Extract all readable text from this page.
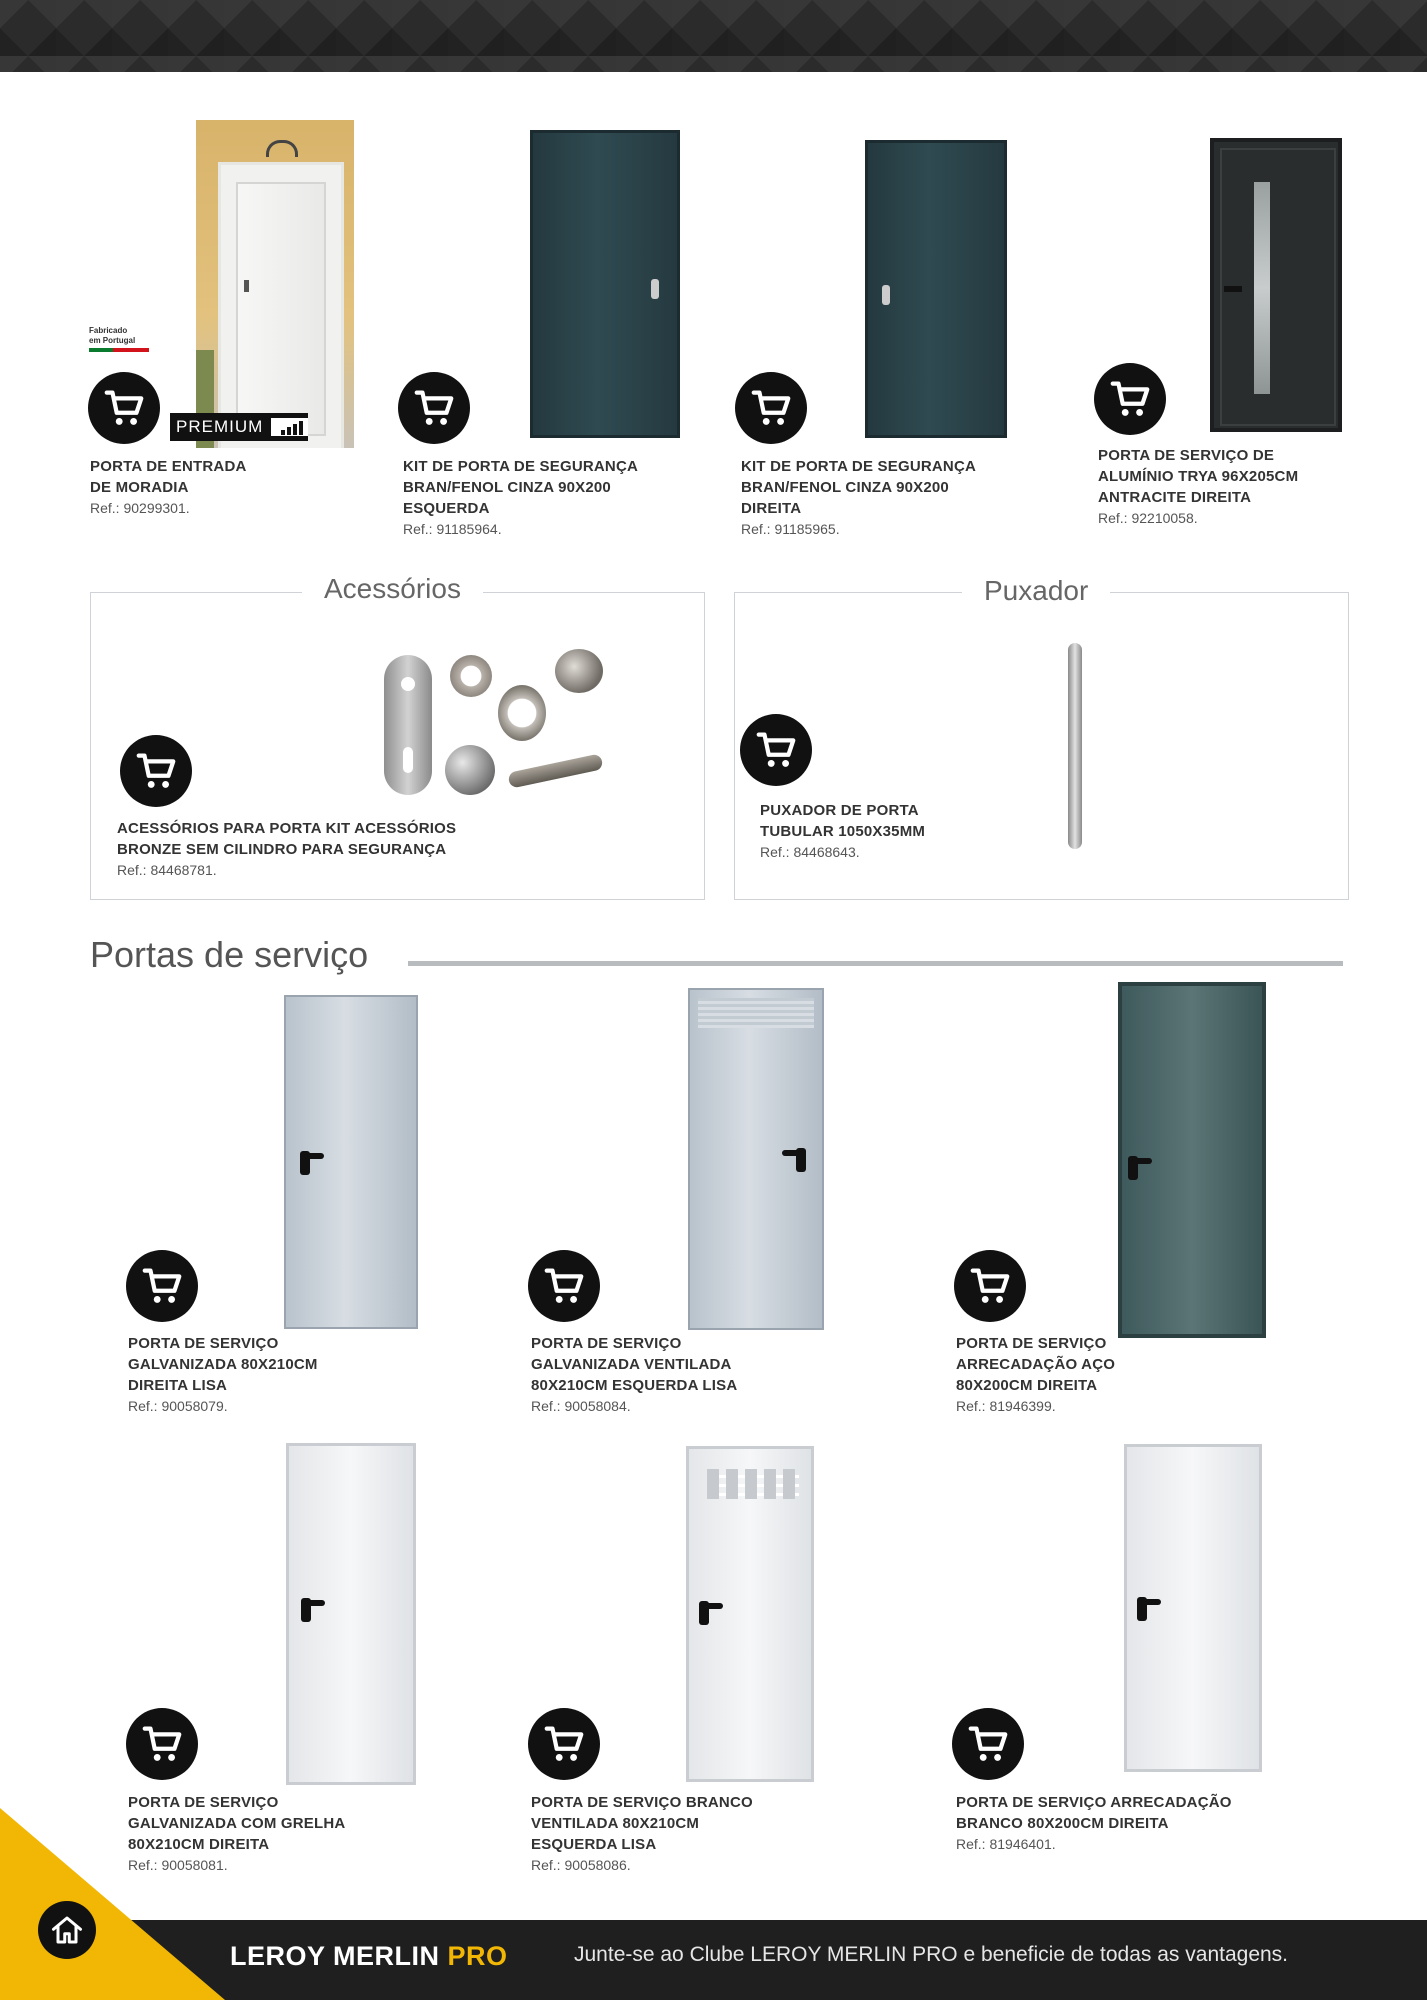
Fabricado
em Portugal
PREMIUM
PORTA DE ENTRADA
DE MORADIA
Ref.: 90299301.
KIT DE PORTA DE SEGURANÇA
BRAN/FENOL CINZA 90X200
ESQUERDA
Ref.: 91185964.
KIT DE PORTA DE SEGURANÇA
BRAN/FENOL CINZA 90X200
DIREITA
Ref.: 91185965.
PORTA DE SERVIÇO DE
ALUMÍNIO TRYA 96X205CM
ANTRACITE DIREITA
Ref.: 92210058.
Acessórios
ACESSÓRIOS PARA PORTA KIT ACESSÓRIOS
BRONZE SEM CILINDRO PARA SEGURANÇA
Ref.: 84468781.
Puxador
PUXADOR DE PORTA
TUBULAR 1050X35MM
Ref.: 84468643.
Portas de serviço
PORTA DE SERVIÇO
GALVANIZADA 80X210CM
DIREITA LISA
Ref.: 90058079.
PORTA DE SERVIÇO
GALVANIZADA VENTILADA
80X210CM ESQUERDA LISA
Ref.: 90058084.
PORTA DE SERVIÇO
ARRECADAÇÃO AÇO
80X200CM DIREITA
Ref.: 81946399.
PORTA DE SERVIÇO
GALVANIZADA COM GRELHA
80X210CM DIREITA
Ref.: 90058081.
PORTA DE SERVIÇO BRANCO
VENTILADA 80X210CM
ESQUERDA LISA
Ref.: 90058086.
PORTA DE SERVIÇO ARRECADAÇÃO
BRANCO 80X200CM DIREITA
Ref.: 81946401.
LEROY MERLIN PRO	Junte-se ao Clube LEROY MERLIN PRO e beneficie de todas as vantagens.
